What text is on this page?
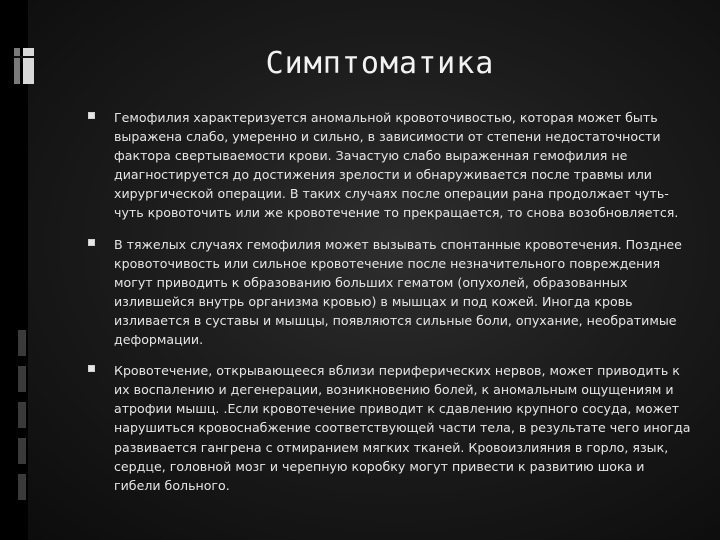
Симптоматика
Гемофилия характеризуется аномальной кровоточивостью, которая может быть выражена слабо, умеренно и сильно, в зависимости от степени недостаточности фактора свертываемости крови. Зачастую слабо выраженная гемофилия не диагностируется до достижения зрелости и обнаруживается после травмы или хирургической операции. В таких случаях после операции рана продолжает чуть-чуть кровоточить или же кровотечение то прекращается, то снова возобновляется.
В тяжелых случаях гемофилия может вызывать спонтанные кровотечения. Позднее кровоточивость или сильное кровотечение после незначительного повреждения могут приводить к образованию больших гематом (опухолей, образованных излившейся внутрь организма кровью) в мышцах и под кожей. Иногда кровь изливается в суставы и мышцы, появляются сильные боли, опухание, необратимые деформации.
Кровотечение, открывающееся вблизи периферических нервов, может приводить к их воспалению и дегенерации, возникновению болей, к аномальным ощущениям и атрофии мышц. .Если кровотечение приводит к сдавлению крупного сосуда, может нарушиться кровоснабжение соответствующей части тела, в результате чего иногда развивается гангрена с отмиранием мягких тканей. Кровоизлияния в горло, язык, сердце, головной мозг и черепную коробку могут привести к развитию шока и гибели больного.
